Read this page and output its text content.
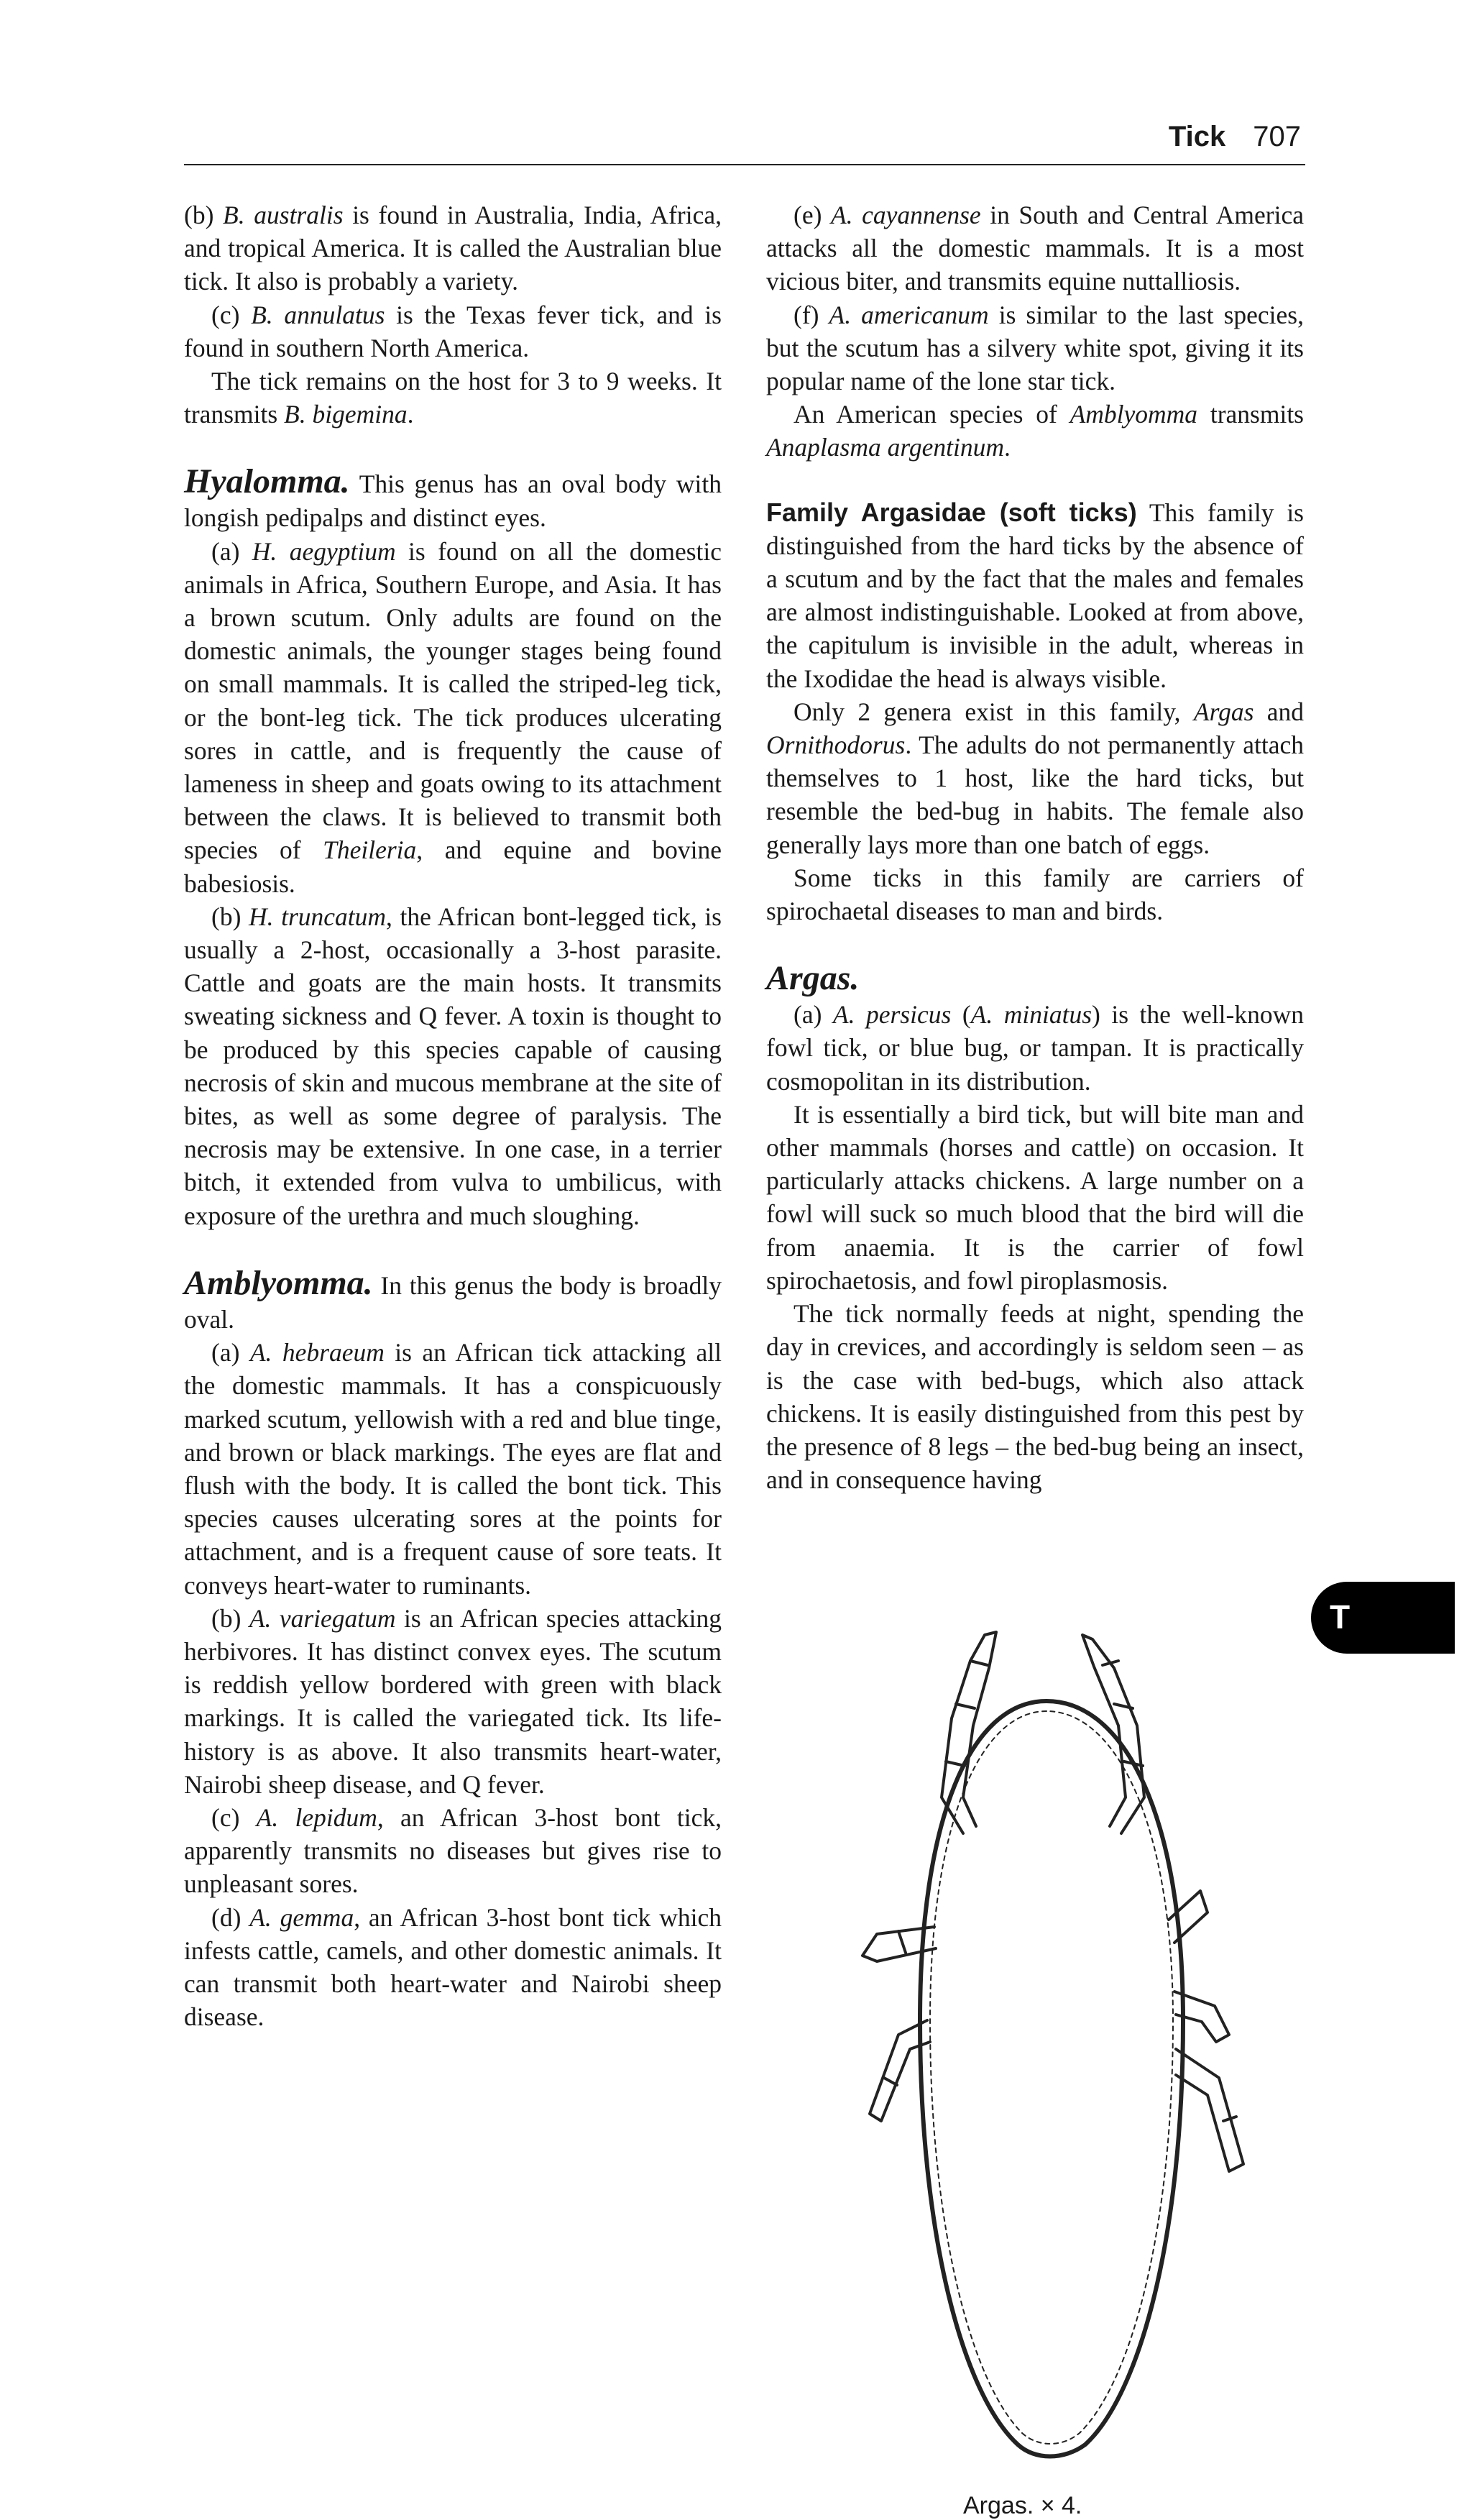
Tick 707

(b) B. australis is found in Australia, India, Africa, and tropical America. It is called the Australian blue tick. It also is probably a variety.

(c) B. annulatus is the Texas fever tick, and is found in southern North America.

The tick remains on the host for 3 to 9 weeks. It transmits B. bigemina.

Hyalomma. This genus has an oval body with longish pedipalps and distinct eyes.

(a) H. aegyptium is found on all the domestic animals in Africa, Southern Europe, and Asia. It has a brown scutum. Only adults are found on the domestic animals, the younger stages being found on small mammals. It is called the striped-leg tick, or the bont-leg tick. The tick produces ulcerating sores in cattle, and is frequently the cause of lameness in sheep and goats owing to its attachment between the claws. It is believed to transmit both species of Theileria, and equine and bovine babesiosis.

(b) H. truncatum, the African bont-legged tick, is usually a 2-host, occasionally a 3-host parasite. Cattle and goats are the main hosts. It transmits sweating sickness and Q fever. A toxin is thought to be produced by this species capable of causing necrosis of skin and mucous membrane at the site of bites, as well as some degree of paralysis. The necrosis may be extensive. In one case, in a terrier bitch, it extended from vulva to umbilicus, with exposure of the urethra and much sloughing.

Amblyomma. In this genus the body is broadly oval.

(a) A. hebraeum is an African tick attacking all the domestic mammals. It has a conspicuously marked scutum, yellowish with a red and blue tinge, and brown or black markings. The eyes are flat and flush with the body. It is called the bont tick. This species causes ulcerating sores at the points for attachment, and is a frequent cause of sore teats. It conveys heart-water to ruminants.

(b) A. variegatum is an African species attacking herbivores. It has distinct convex eyes. The scutum is reddish yellow bordered with green with black markings. It is called the variegated tick. Its life-history is as above. It also transmits heart-water, Nairobi sheep disease, and Q fever.

(c) A. lepidum, an African 3-host bont tick, apparently transmits no diseases but gives rise to unpleasant sores.

(d) A. gemma, an African 3-host bont tick which infests cattle, camels, and other domestic animals. It can transmit both heart-water and Nairobi sheep disease.

(e) A. cayannense in South and Central America attacks all the domestic mammals. It is a most vicious biter, and transmits equine nuttalliosis.

(f) A. americanum is similar to the last species, but the scutum has a silvery white spot, giving it its popular name of the lone star tick.

An American species of Amblyomma transmits Anaplasma argentinum.

Family Argasidae (soft ticks) This family is distinguished from the hard ticks by the absence of a scutum and by the fact that the males and females are almost indistinguishable. Looked at from above, the capitulum is invisible in the adult, whereas in the Ixodidae the head is always visible.

Only 2 genera exist in this family, Argas and Ornithodorus. The adults do not permanently attach themselves to 1 host, like the hard ticks, but resemble the bed-bug in habits. The female also generally lays more than one batch of eggs.

Some ticks in this family are carriers of spirochaetal diseases to man and birds.

Argas.

(a) A. persicus (A. miniatus) is the well-known fowl tick, or blue bug, or tampan. It is practically cosmopolitan in its distribution.

It is essentially a bird tick, but will bite man and other mammals (horses and cattle) on occasion. It particularly attacks chickens. A large number on a fowl will suck so much blood that the bird will die from anaemia. It is the carrier of fowl spirochaetosis, and fowl piroplasmosis.

The tick normally feeds at night, spending the day in crevices, and accordingly is seldom seen – as is the case with bed-bugs, which also attack chickens. It is easily distinguished from this pest by the presence of 8 legs – the bed-bug being an insect, and in consequence having

T
Argas. × 4.
